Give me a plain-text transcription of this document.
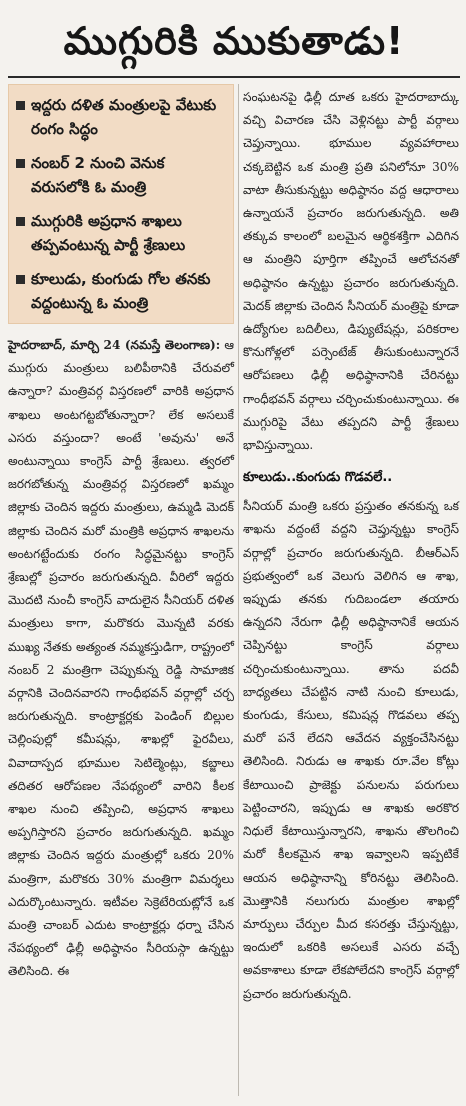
ముగ్గురికి ముకుతాడు!
ఇద్దరు దళిత మంత్రులపై వేటుకు రంగం సిద్ధం
నంబర్ 2 నుంచి వెనుక వరుసలోకి ఓ మంత్రి
ముగ్గురికి అప్రధాన శాఖలు తప్పవంటున్న పార్టీ శ్రేణులు
కూలుడు, కుంగుడు గోల తనకు వద్దంటున్న ఓ మంత్రి

హైదరాబాద్, మార్చి 24 (నమస్తే తెలంగాణ): ఆ ముగ్గురు మంత్రులు బలిపీఠానికి చేరువలో ఉన్నారా? మంత్రివర్గ విస్తరణలో వారికి అప్రధాన శాఖలు అంటగట్టబోతున్నారా? లేక అసలుకే ఎసరు వస్తుందా? అంటే 'అవును' అనే అంటున్నాయి కాంగ్రెస్ పార్టీ శ్రేణులు. త్వరలో జరగబోతున్న మంత్రివర్గ విస్తరణలో ఖమ్మం జిల్లాకు చెందిన ఇద్దరు మంత్రులు, ఉమ్మడి మెదక్ జిల్లాకు చెందిన మరో మంత్రికి అప్రధాన శాఖలను అంటగట్టేందుకు రంగం సిద్ధమైనట్టు కాంగ్రెస్ శ్రేణుల్లో ప్రచారం జరుగుతున్నది. వీరిలో ఇద్దరు మొదటి నుంచీ కాంగ్రెస్ వాదులైన సీనియర్ దళిత మంత్రులు కాగా, మరొకరు మొన్నటి వరకు ముఖ్య నేతకు అత్యంత నమ్మకస్తుడిగా, రాష్ట్రంలో నంబర్ 2 మంత్రిగా చెప్పుకున్న రెడ్డి సామాజిక వర్గానికి చెందినవారని గాంధీభవన్ వర్గాల్లో చర్చ జరుగుతున్నది. కాంట్రాక్టర్లకు పెండింగ్ బిల్లుల చెల్లింపుల్లో కమీషన్లు, శాఖల్లో ఫైరవీలు, వివాదాస్పద భూముల సెటిల్మెంట్లు, కబ్జాలు తదితర ఆరోపణల నేపథ్యంలో వారిని కీలక శాఖల నుంచి తప్పించి, అప్రధాన శాఖలు అప్పగిస్తారని ప్రచారం జరుగుతున్నది. ఖమ్మం జిల్లాకు చెందిన ఇద్దరు మంత్రుల్లో ఒకరు 20% మంత్రిగా, మరొకరు 30% మంత్రిగా విమర్శలు ఎదుర్కొంటున్నారు. ఇటీవల సెక్రెటేరియట్లోనే ఒక మంత్రి చాంబర్ ఎదుట కాంట్రాక్టర్లు ధర్నా చేసిన నేపథ్యంలో ఢిల్లీ అధిష్ఠానం సీరియస్గా ఉన్నట్టు తెలిసింది. ఈ

సంఘటనపై ఢిల్లీ దూత ఒకరు హైదరాబాద్కు వచ్చి విచారణ చేసి వెళ్లినట్టు పార్టీ వర్గాలు చెప్తున్నాయి. భూముల వ్యవహారాలు చక్కబెట్టిన ఒక మంత్రి ప్రతి పనిలోనూ 30% వాటా తీసుకున్నట్టు అధిష్ఠానం వద్ద ఆధారాలు ఉన్నాయనే ప్రచారం జరుగుతున్నది. అతి తక్కువ కాలంలో బలమైన ఆర్థికశక్తిగా ఎదిగిన ఆ మంత్రిని పూర్తిగా తప్పించే ఆలోచనతో అధిష్ఠానం ఉన్నట్టు ప్రచారం జరుగుతున్నది. మెదక్ జిల్లాకు చెందిన సీనియర్ మంత్రిపై కూడా ఉద్యోగుల బదిలీలు, డిప్యుటేషన్లు, పరికరాల కొనుగోళ్లలో పర్సెంటేజ్ తీసుకుంటున్నారనే ఆరోపణలు ఢిల్లీ అధిష్ఠానానికి చేరినట్టు గాంధీభవన్ వర్గాలు చర్చించుకుంటున్నాయి. ఈ ముగ్గురిపై వేటు తప్పదని పార్టీ శ్రేణులు భావిస్తున్నాయి.

కూలుడు..కుంగుడు గొడవలే..

సీనియర్ మంత్రి ఒకరు ప్రస్తుతం తనకున్న ఒక శాఖను వద్దంటే వద్దని చెప్తున్నట్టు కాంగ్రెస్ వర్గాల్లో ప్రచారం జరుగుతున్నది. బీఆర్ఎస్ ప్రభుత్వంలో ఒక వెలుగు వెలిగిన ఆ శాఖ, ఇప్పుడు తనకు గుదిబండలా తయారు ఉన్నదని నేరుగా ఢిల్లీ అధిష్ఠానానికే ఆయన చెప్పినట్టు కాంగ్రెస్ వర్గాలు చర్చించుకుంటున్నాయి. తాను పదవీ బాధ్యతలు చేపట్టిన నాటి నుంచి కూలుడు, కుంగుడు, కేసులు, కమిషన్ల గొడవలు తప్ప మరో పనే లేదని ఆవేదన వ్యక్తంచేసినట్టు తెలిసింది. నిరుడు ఆ శాఖకు రూ.వేల కోట్లు కేటాయించి ప్రాజెక్టు పనులను పరుగులు పెట్టించారని, ఇప్పుడు ఆ శాఖకు అరకొర నిధులే కేటాయిస్తున్నారని, శాఖను తొలగించి మరో కీలకమైన శాఖ ఇవ్వాలని ఇప్పటికే ఆయన అధిష్ఠానాన్ని కోరినట్టు తెలిసింది. మొత్తానికి నలుగురు మంత్రుల శాఖల్లో మార్పులు చేర్పుల మీద కసరత్తు చేస్తున్నట్టు, ఇందులో ఒకరికి అసలుకే ఎసరు వచ్చే అవకాశాలు కూడా లేకపోలేదని కాంగ్రెస్ వర్గాల్లో ప్రచారం జరుగుతున్నది.
